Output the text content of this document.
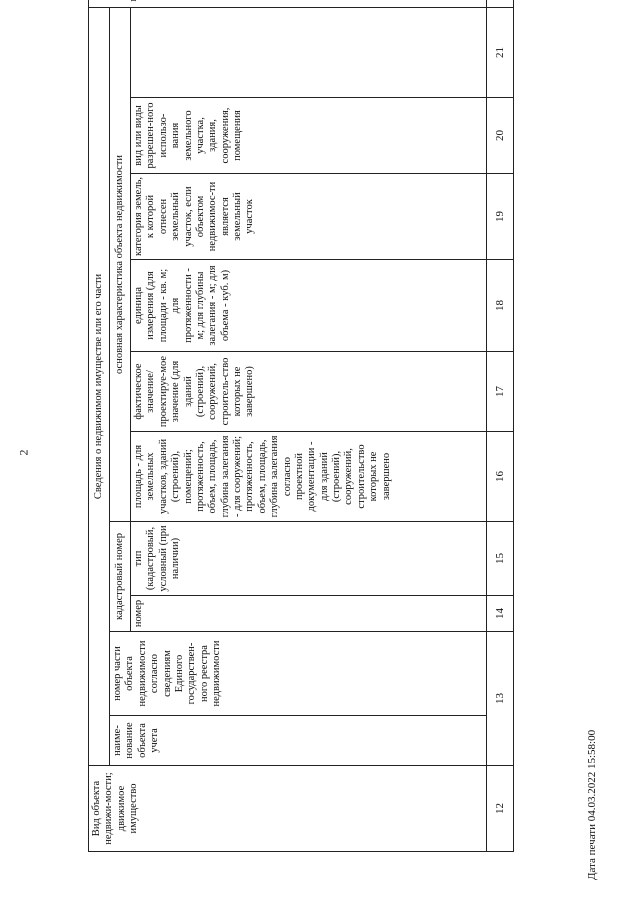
2
Вид объекта недвижи-мости; движимое имущество	Сведения о недвижимом имуществе или его части	
	наиме-нование объекта учета	номер части объекта недвижимости согласно сведениям Единого государствен-ного реестра недвижимости	кадастровый номер		основная характеристика объекта недвижимости						
			номер	тип (кадастровый, условный (при наличии)	площадь - для земельных участков, зданий (строений), помещений; протяженность, объем, площадь, глубина залегания - для сооружений; протяженность, объем, площадь, глубина залегания согласно проектной документации - для зданий (строений), сооружений, строительство которых не завершено	фактическое значение/ проектируе-мое значение (для зданий (строений), сооружений, строитель-ство которых не завершено)	единица измерения (для площади - кв. м; для протяженности - м; для глубины залегания - м; для объема - куб. м)	категория земель, к которой отнесен земельный участок, если объектом недвижимос-ти является земельный участок	вид или виды разрешен-ного использо-вания земельного участка, здания, сооружения, помещения		
12	13		14	15	16	17	18	19	20	21	
Дата печати 04.03.2022 15:58:00
